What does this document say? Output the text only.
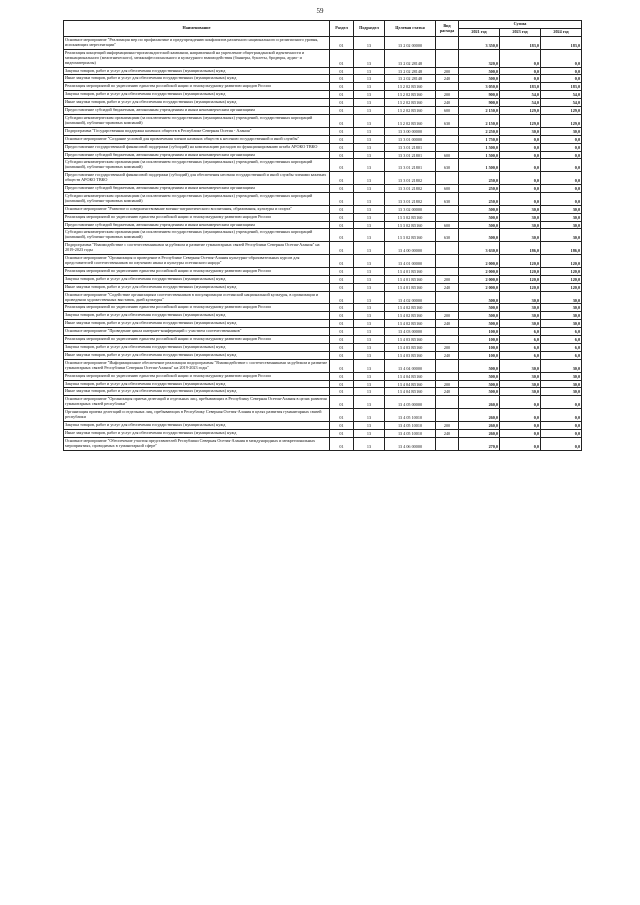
59
Наименование	Раздел	Подраздел	Целевая статья	Вид расхода	Сумма		
					2021 год	2023 год	2024 год
Основное мероприятие "Реализация мер по профилактике и предупреждению конфликтов различного национального и религиозного уровня, испоняющих мересентации"	01	13	13 2 02 00000		3 350,0	183,0	183,0
Реализация концепций информационно-пропагандистской кампании, направленной на укрепление общегражданской идентичности и межнационального (межэтнического), межконфессионального и культурного взаимодействия (баннеры, буклеты, бродюры, аудио- и видеоматериалы)	01	13	13 2 02 28148		320,0	0,0	0,0
Закупка товаров, работ и услуг для обеспечения государственных (муниципальных) нужд	01	13	13 2 02 28148	200	500,0	0,0	0,0
Иные закупки товаров, работ и услуг для обеспечения государственных (муниципальных) нужд	01	13	13 2 02 28148	240	500,0	0,0	0,0
Реализация мероприятий по укреплению единства российской нации и этнокультурному развитию народов России	01	13	13 2 02 R5160		3 050,0	183,0	183,0
Закупка товаров, работ и услуг для обеспечения государственных (муниципальных) нужд	01	13	13 2 02 R5160	200	900,0	54,0	54,0
Иные закупки товаров, работ и услуг для обеспечения государственных (муниципальных) нужд	01	13	13 2 02 R5160	240	900,0	54,0	54,0
Предоставление субсидий бюджетным, автономным учреждениям и иным некоммерческим организациям	01	13	13 2 02 R5160	600	2 150,0	129,0	129,0
Субсидии некоммерческим организациям (за исключением государственных (муниципальных) учреждений, государственных корпораций (компаний), публично-правовых компаний)	01	13	13 2 02 R5160	630	2 150,0	129,0	129,0
Подпрограмма "Государственная поддержка казачьих обществ в Республике Северная Осетия - Алания"	01	13	13 3 00 00000		2 250,0	30,0	30,0
Основное мероприятие "Создание условий для привлечения членов казачьих обществ к несению государственной и иной службы"	01	13	13 3 01 00000		1 750,0	0,0	0,0
Предоставление государственной финансовой поддержки (субсидий) на компенсацию расходов по функционированию штаба АРОКО ТВКО	01	13	13 3 01 21801		1 500,0	0,0	0,0
Предоставление субсидий бюджетным, автономным учреждениям и иным некоммерческим организациям	01	13	13 3 01 21801	600	1 500,0	0,0	0,0
Субсидии некоммерческим организациям (за исключением государственных (муниципальных) учреждений, государственных корпораций (компаний), публично-правовых компаний)	01	13	13 3 01 21801	630	1 500,0	0,0	0,0
Предоставление государственной финансовой поддержки (субсидий) для обеспечения несения государственной и иной службы членами казачьих обществ АРОКО ТВКО	01	13	13 3 01 21802		250,0	0,0	0,0
Предоставление субсидий бюджетным, автономным учреждениям и иным некоммерческим организациям	01	13	13 3 01 21802	600	250,0	0,0	0,0
Субсидии некоммерческим организациям (за исключением государственных (муниципальных) учреждений, государственных корпораций (компаний), публично-правовых компаний)	01	13	13 3 01 21802	630	250,0	0,0	0,0
Основное мероприятие "Развитие и совершенствование военно-патриотического воспитания, образования, культуры и спорта"	01	13	13 3 02 00000		500,0	30,0	30,0
Реализация мероприятий по укреплению единства российской нации и этнокультурному развитию народов России	01	13	13 3 02 R5160		500,0	30,0	30,0
Предоставление субсидий бюджетным, автономным учреждениям и иным некоммерческим организациям	01	13	13 3 02 R5160	600	500,0	30,0	30,0
Субсидии некоммерческим организациям (за исключением государственных (муниципальных) учреждений, государственных корпораций (компаний), публично-правовых компаний)	01	13	13 3 02 R5160	630	500,0	30,0	30,0
Подпрограмма "Взаимодействие с соотечественниками за рубежом и развитие гуманитарных связей Республики Северная Осетия-Алания" на 2019-2023 годы	01	13	13 4 00 00000		3 630,0	186,0	186,0
Основное мероприятие "Организация и проведение в Республике Северная Осетия-Алания культурно-образовательных курсов для представителей соотечественников по изучению языка и культуры осетинского народа"	01	13	13 4 01 00000		2 000,0	120,0	120,0
Реализация мероприятий по укреплению единства российской нации и этнокультурному развитию народов России	01	13	13 4 01 R5160		2 000,0	120,0	120,0
Закупка товаров, работ и услуг для обеспечения государственных (муниципальных) нужд	01	13	13 4 01 R5160	200	2 000,0	120,0	120,0
Иные закупки товаров, работ и услуг для обеспечения государственных (муниципальных) нужд	01	13	13 4 01 R5160	240	2 000,0	120,0	120,0
Основное мероприятие "Содействие организациям соотечественников в популяризации осетинской национальной культуры, в организации и проведении художественных выставок, дней культуры"	01	13	13 4 02 00000		500,0	30,0	30,0
Реализация мероприятий по укреплению единства российской нации и этнокультурному развитию народов России	01	13	13 4 02 R5160		500,0	30,0	30,0
Закупка товаров, работ и услуг для обеспечения государственных (муниципальных) нужд	01	13	13 4 02 R5160	200	500,0	30,0	30,0
Иные закупки товаров, работ и услуг для обеспечения государственных (муниципальных) нужд	01	13	13 4 02 R5160	240	500,0	30,0	30,0
Основное мероприятие "Проведение цикла интернет-конференций с участием соотечественников"	01	13	13 4 03 00000		100,0	6,0	6,0
Реализация мероприятий по укреплению единства российской нации и этнокультурному развитию народов России	01	13	13 4 03 R5160		100,0	6,0	6,0
Закупка товаров, работ и услуг для обеспечения государственных (муниципальных) нужд	01	13	13 4 03 R5160	200	100,0	6,0	6,0
Иные закупки товаров, работ и услуг для обеспечения государственных (муниципальных) нужд	01	13	13 4 03 R5160	240	100,0	6,0	6,0
Основное мероприятие "Информационное обеспечение реализации подпрограммы "Взаимодействие с соотечественниками за рубежом и развитие гуманитарных связей Республики Северная Осетия-Алания" на 2019-2023 годы"	01	13	13 4 04 00000		500,0	30,0	30,0
Реализация мероприятий по укреплению единства российской нации и этнокультурному развитию народов России	01	13	13 4 04 R5160		500,0	30,0	30,0
Закупка товаров, работ и услуг для обеспечения государственных (муниципальных) нужд	01	13	13 4 04 R5160	200	500,0	30,0	30,0
Иные закупки товаров, работ и услуг для обеспечения государственных (муниципальных) нужд	01	13	13 4 04 R5160	240	500,0	30,0	30,0
Основное мероприятие "Организация приема делегаций и отдельных лиц, пребывающих в Республику Северная Осетия-Алания в целях развития гуманитарных связей республики"	01	13	13 4 05 00000		260,0	0,0	0,0
Организация приема делегаций и отдельных лиц, пребывающих в Республику Северная Осетия-Алания в целях развития гуманитарных связей республики	01	13	13 4 05 10010		260,0	0,0	0,0
Закупка товаров, работ и услуг для обеспечения государственных (муниципальных) нужд	01	13	13 4 05 10010	200	260,0	0,0	0,0
Иные закупки товаров, работ и услуг для обеспечения государственных (муниципальных) нужд	01	13	13 4 05 10010	240	260,0	0,0	0,0
Основное мероприятие "Обеспечение участия представителей Республики Северная Осетия-Алания в международных и межрегиональных мероприятиях, проводимых в гуманитарной сфере"	01	13	13 4 06 00000		270,0	0,0	0,0
